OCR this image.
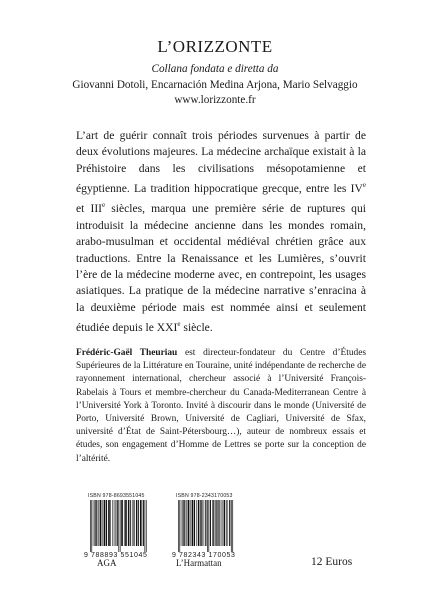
L’ORIZZONTE
Collana fondata e diretta da
Giovanni Dotoli, Encarnación Medina Arjona, Mario Selvaggio
www.lorizzonte.fr

L’art de guérir connaît trois périodes survenues à partir de deux évolutions majeures. La médecine archaïque existait à la Préhistoire dans les civilisations mésopotamienne et égyptienne. La tradition hippocratique grecque, entre les IVe et IIIe siècles, marqua une première série de ruptures qui introduisit la médecine ancienne dans les mondes romain, arabo-musulman et occidental médiéval chrétien grâce aux traductions. Entre la Renaissance et les Lumières, s’ouvrit l’ère de la médecine moderne avec, en contrepoint, les usages asiatiques. La pratique de la médecine narrative s’enracina à la deuxième période mais est nommée ainsi et seulement étudiée depuis le XXIe siècle.

Frédéric-Gaël Theuriau est directeur-fondateur du Centre d’Études Supérieures de la Littérature en Touraine, unité indépendante de recherche de rayonnement international, chercheur associé à l’Université François-Rabelais à Tours et membre-chercheur du Canada-Mediterranean Centre à l’Université York à Toronto. Invité à discourir dans le monde (Université de Porto, Université Brown, Université de Cagliari, Université de Sfax, université d’État de Saint-Pétersbourg…), auteur de nombreux essais et études, son engagement d’Homme de Lettres se porte sur la conception de l’altérité.

ISBN 978-8693551045
9 788893 551045
ISBN 978-2343170053
9 782343 170053
AGA	L’Harmattan	12 Euros
